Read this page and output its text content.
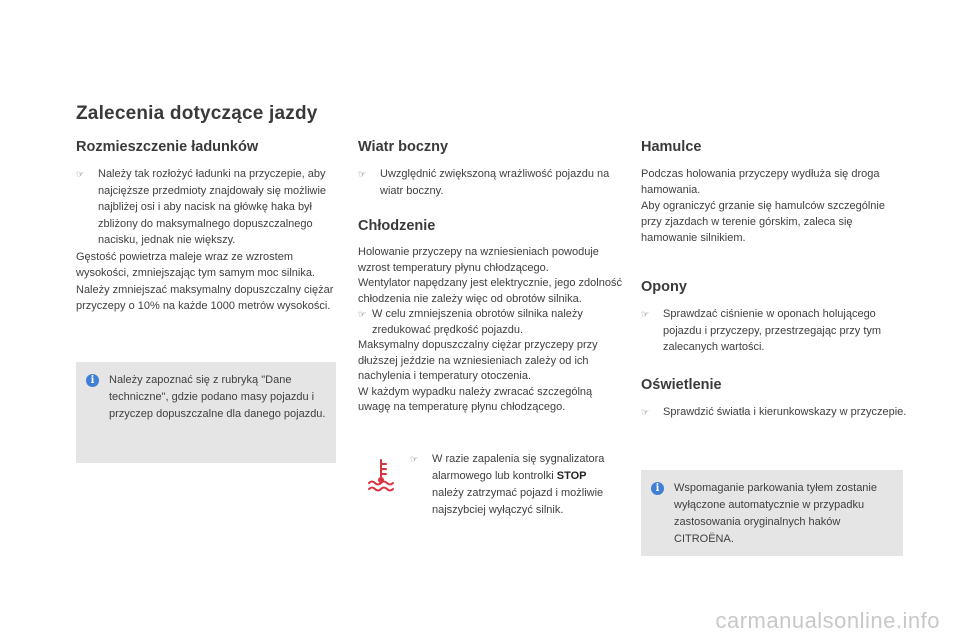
Zalecenia dotyczące jazdy
Rozmieszczenie ładunków
☞	Należy tak rozłożyć ładunki na przyczepie, aby najcięższe przedmioty znajdowały się możliwie najbliżej osi i aby nacisk na główkę haka był zbliżony do maksymalnego dopuszczalnego nacisku, jednak nie większy.

Gęstość powietrza maleje wraz ze wzrostem wysokości, zmniejszając tym samym moc silnika. Należy zmniejszać maksymalny dopuszczalny ciężar przyczepy o 10% na każde 1000 metrów wysokości.

i	Należy zapoznać się z rubryką "Dane techniczne", gdzie podano masy pojazdu i przyczep dopuszczalne dla danego pojazdu.
Wiatr boczny
☞	Uwzględnić zwiększoną wrażliwość pojazdu na wiatr boczny.
Chłodzenie

Holowanie przyczepy na wzniesieniach powoduje wzrost temperatury płynu chłodzącego.

Wentylator napędzany jest elektrycznie, jego zdolność chłodzenia nie zależy więc od obrotów silnika.

☞ W celu zmniejszenia obrotów silnika należy zredukować prędkość pojazdu.

Maksymalny dopuszczalny ciężar przyczepy przy dłuższej jeździe na wzniesieniach zależy od ich nachylenia i temperatury otoczenia.

W każdym wypadku należy zwracać szczególną uwagę na temperaturę płynu chłodzącego.

☞	W razie zapalenia się sygnalizatora alarmowego lub kontrolki STOP należy zatrzymać pojazd i możliwie najszybciej wyłączyć silnik.
Hamulce

Podczas holowania przyczepy wydłuża się droga hamowania.

Aby ograniczyć grzanie się hamulców szczególnie przy zjazdach w terenie górskim, zaleca się hamowanie silnikiem.

Opony
☞	Sprawdzać ciśnienie w oponach holującego pojazdu i przyczepy, przestrzegając przy tym zalecanych wartości.
Oświetlenie
☞	Sprawdzić światła i kierunkowskazy w przyczepie.
i	Wspomaganie parkowania tyłem zostanie wyłączone automatycznie w przypadku zastosowania oryginalnych haków CITROËNA.
carmanualsonline.info
